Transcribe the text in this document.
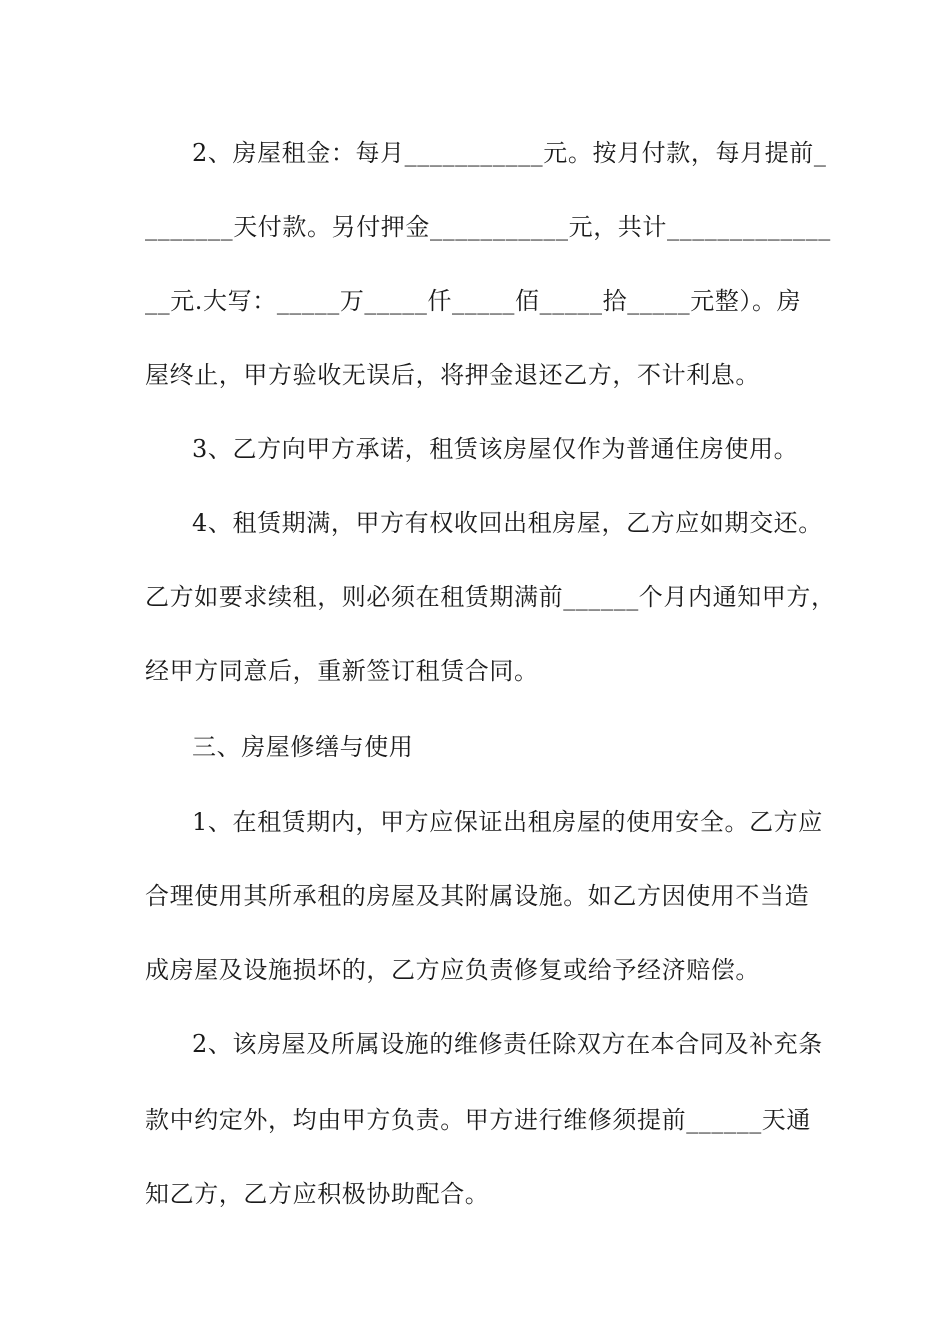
2、房屋租金：每月___________元。按月付款，每月提前_
_______天付款。另付押金___________元，共计_____________
__元.大写：_____万_____仟_____佰_____拾_____元整）。房
屋终止，甲方验收无误后，将押金退还乙方，不计利息。
3、乙方向甲方承诺，租赁该房屋仅作为普通住房使用。
4、租赁期满，甲方有权收回出租房屋，乙方应如期交还。
乙方如要求续租，则必须在租赁期满前______个月内通知甲方，
经甲方同意后，重新签订租赁合同。
三、房屋修缮与使用
1、在租赁期内，甲方应保证出租房屋的使用安全。乙方应
合理使用其所承租的房屋及其附属设施。如乙方因使用不当造
成房屋及设施损坏的，乙方应负责修复或给予经济赔偿。
2、该房屋及所属设施的维修责任除双方在本合同及补充条
款中约定外，均由甲方负责。甲方进行维修须提前______天通
知乙方，乙方应积极协助配合。
